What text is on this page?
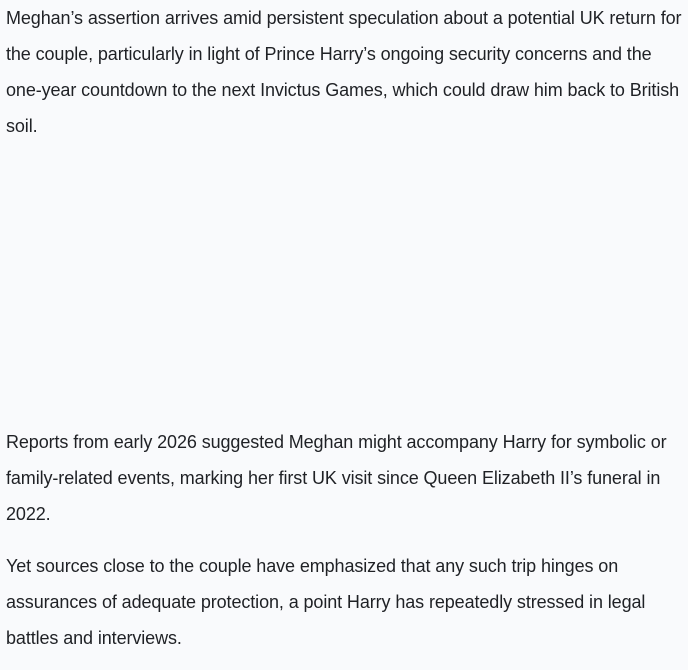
Meghan’s assertion arrives amid persistent speculation about a potential UK return for the couple, particularly in light of Prince Harry’s ongoing security concerns and the one-year countdown to the next Invictus Games, which could draw him back to British soil.

Reports from early 2026 suggested Meghan might accompany Harry for symbolic or family-related events, marking her first UK visit since Queen Elizabeth II’s funeral in 2022.

Yet sources close to the couple have emphasized that any such trip hinges on assurances of adequate protection, a point Harry has repeatedly stressed in legal battles and interviews.
